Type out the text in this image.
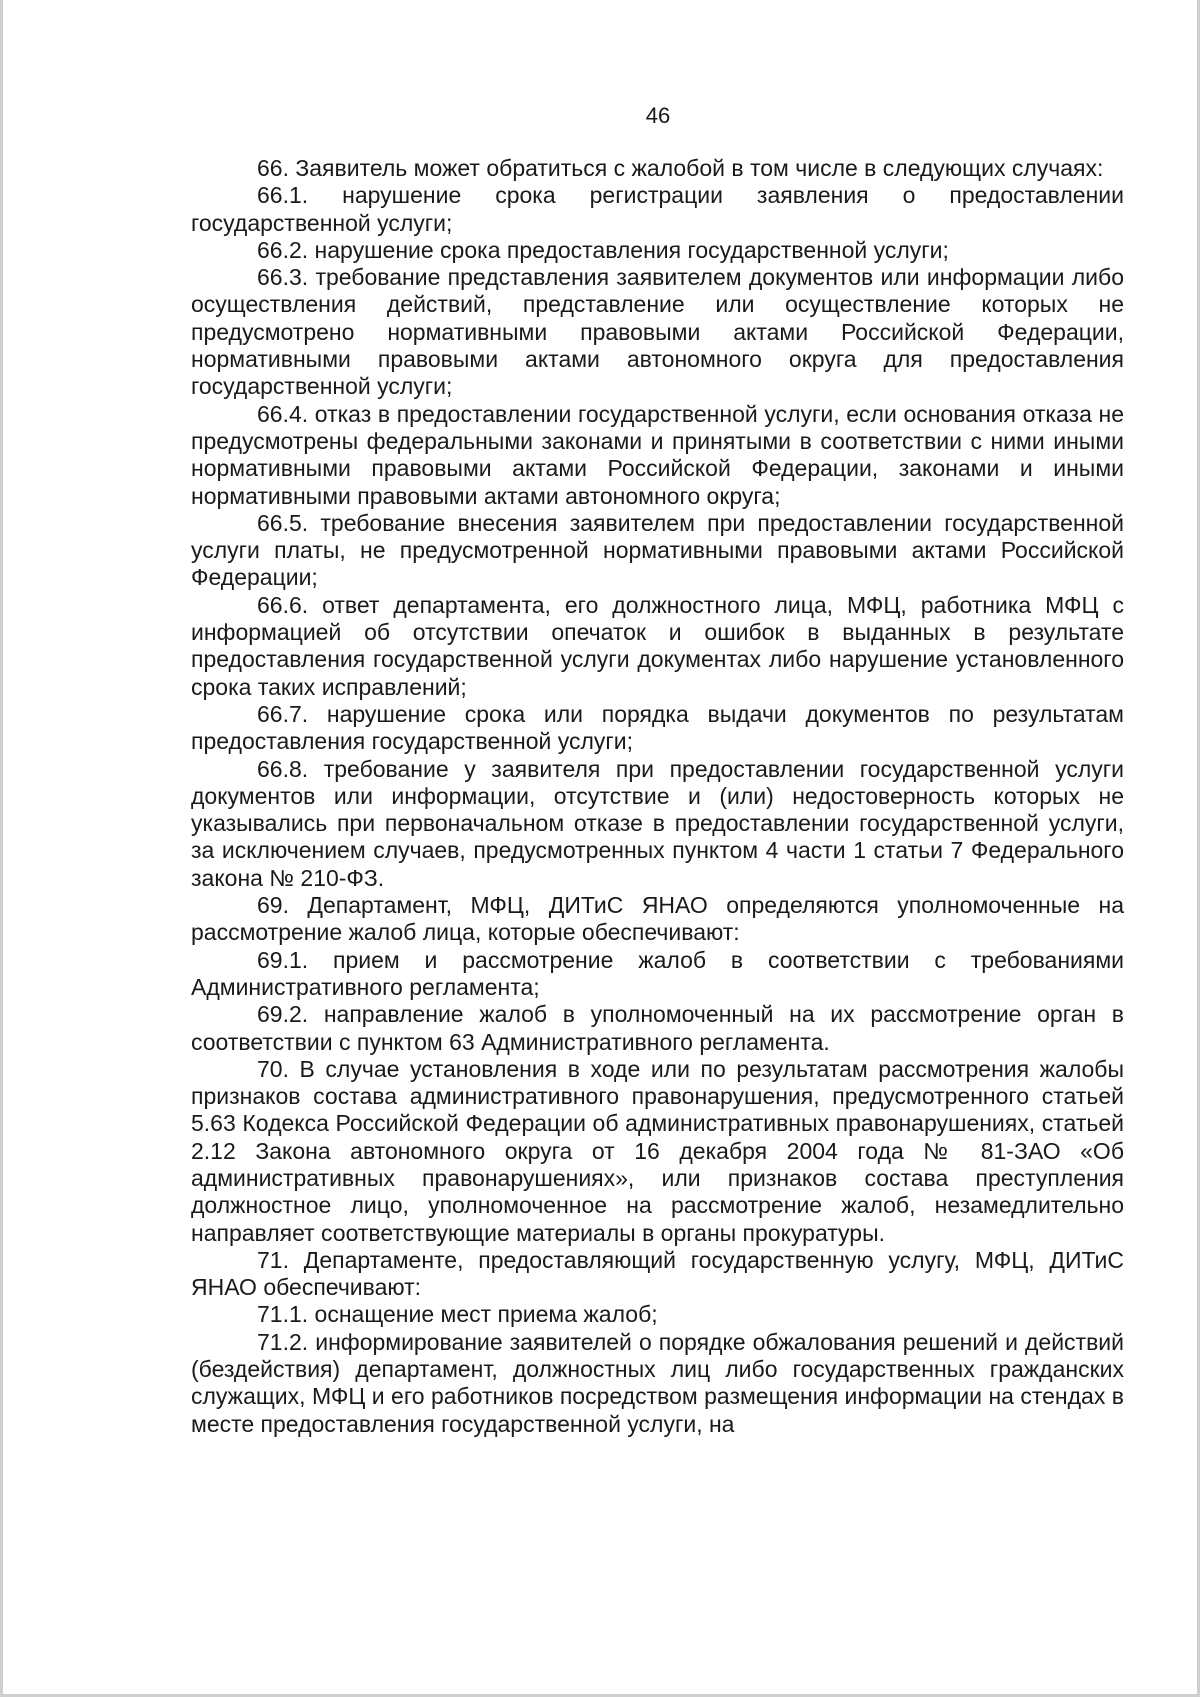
46

66. Заявитель может обратиться с жалобой в том числе в следующих случаях:

66.1. нарушение срока регистрации заявления о предоставлении государственной услуги;

66.2. нарушение срока предоставления государственной услуги;

66.3. требование представления заявителем документов или информации либо осуществления действий, представление или осуществление которых не предусмотрено нормативными правовыми актами Российской Федерации, нормативными правовыми актами автономного округа для предоставления государственной услуги;

66.4. отказ в предоставлении государственной услуги, если основания отказа не предусмотрены федеральными законами и принятыми в соответствии с ними иными нормативными правовыми актами Российской Федерации, законами и иными нормативными правовыми актами автономного округа;

66.5. требование внесения заявителем при предоставлении государственной услуги платы, не предусмотренной нормативными правовыми актами Российской Федерации;

66.6. ответ департамента, его должностного лица, МФЦ, работника МФЦ с информацией об отсутствии опечаток и ошибок в выданных в результате предоставления государственной услуги документах либо нарушение установленного срока таких исправлений;

66.7. нарушение срока или порядка выдачи документов по результатам предоставления государственной услуги;

66.8. требование у заявителя при предоставлении государственной услуги документов или информации, отсутствие и (или) недостоверность которых не указывались при первоначальном отказе в предоставлении государственной услуги, за исключением случаев, предусмотренных пунктом 4 части 1 статьи 7 Федерального закона № 210-ФЗ.

69. Департамент, МФЦ, ДИТиС ЯНАО определяются уполномоченные на рассмотрение жалоб лица, которые обеспечивают:

69.1. прием и рассмотрение жалоб в соответствии с требованиями Административного регламента;

69.2. направление жалоб в уполномоченный на их рассмотрение орган в соответствии с пунктом 63 Административного регламента.

70. В случае установления в ходе или по результатам рассмотрения жалобы признаков состава административного правонарушения, предусмотренного статьей 5.63 Кодекса Российской Федерации об административных правонарушениях, статьей 2.12 Закона автономного округа от 16 декабря 2004 года № 81-ЗАО «Об административных правонарушениях», или признаков состава преступления должностное лицо, уполномоченное на рассмотрение жалоб, незамедлительно направляет соответствующие материалы в органы прокуратуры.

71. Департаменте, предоставляющий государственную услугу, МФЦ, ДИТиС ЯНАО обеспечивают:

71.1. оснащение мест приема жалоб;

71.2. информирование заявителей о порядке обжалования решений и действий (бездействия) департамент, должностных лиц либо государственных гражданских служащих, МФЦ и его работников посредством размещения информации на стендах в месте предоставления государственной услуги, на
